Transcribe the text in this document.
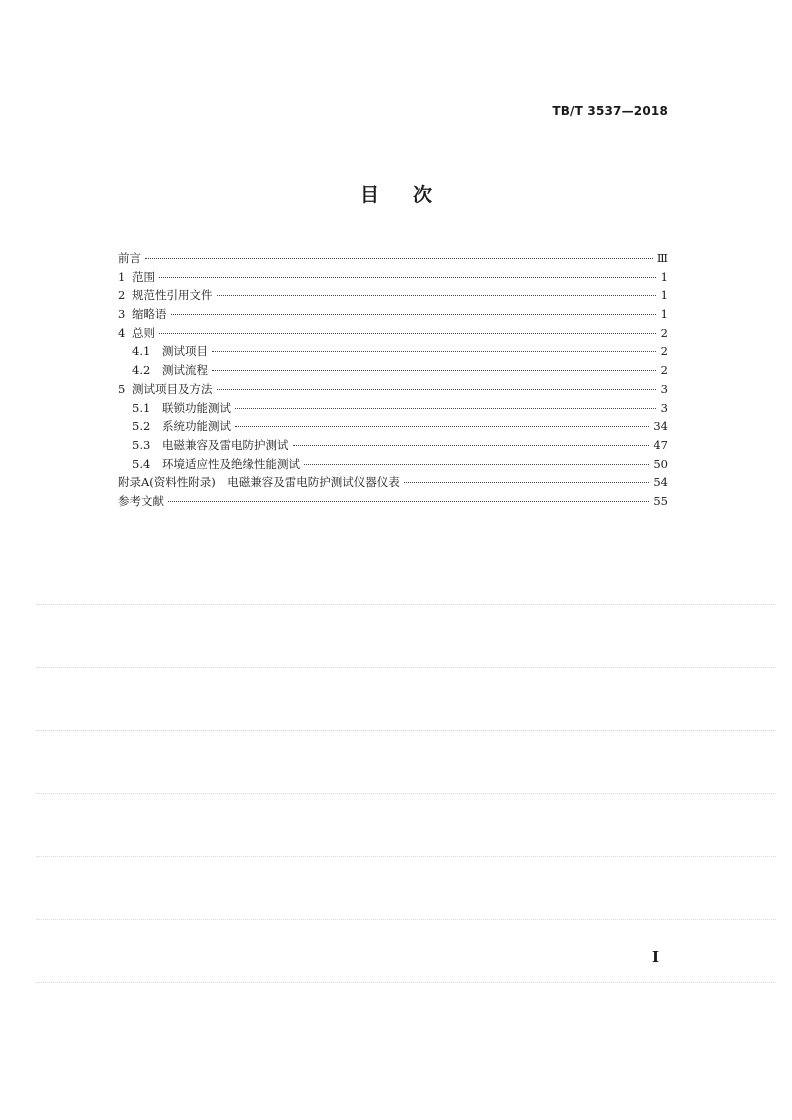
TB/T 3537—2018
目 次
前言	Ⅲ
1 范围	1
2 规范性引用文件	1
3 缩略语	1
4 总则	2
4.1	测试项目	2
4.2	测试流程	2
5 测试项目及方法	3
5.1	联锁功能测试	3
5.2	系统功能测试	34
5.3	电磁兼容及雷电防护测试	47
5.4	环境适应性及绝缘性能测试	50
附录A(资料性附录)　电磁兼容及雷电防护测试仪器仪表	54
参考文献	55
I
